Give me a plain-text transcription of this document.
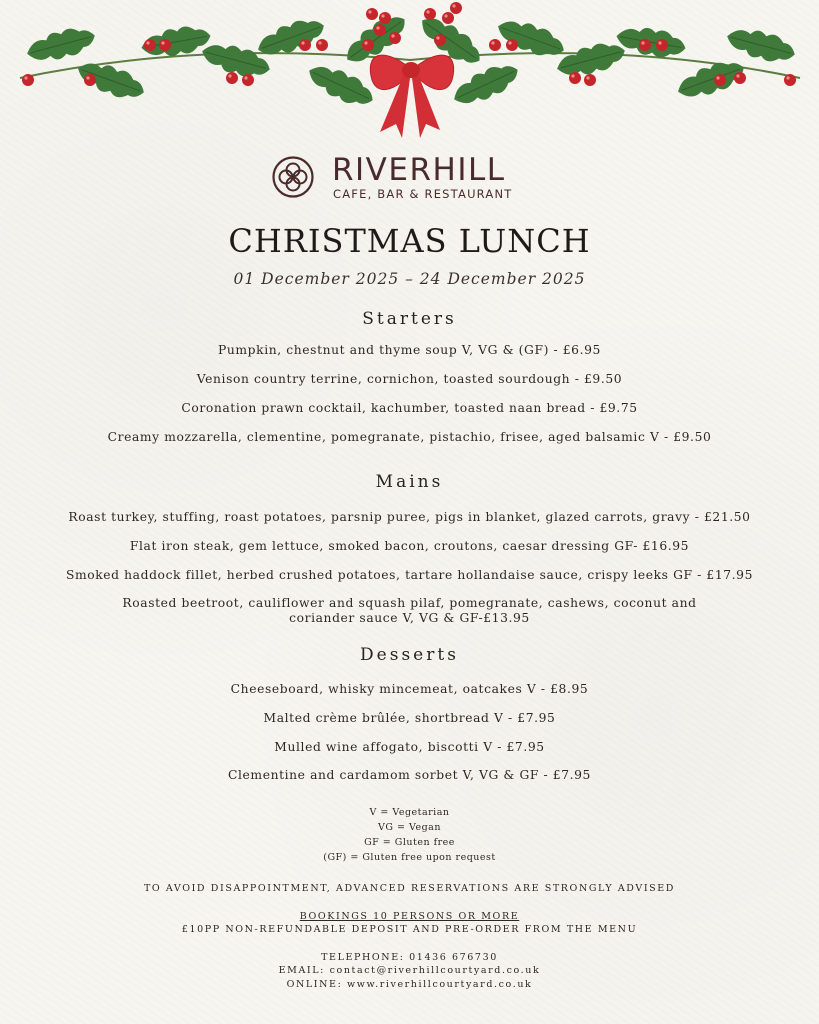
RIVERHILL
CAFE, BAR & RESTAURANT
CHRISTMAS LUNCH
01 December 2025 – 24 December 2025
Starters
Pumpkin, chestnut and thyme soup V, VG & (GF) - £6.95
Venison country terrine, cornichon, toasted sourdough - £9.50
Coronation prawn cocktail, kachumber, toasted naan bread - £9.75
Creamy mozzarella, clementine, pomegranate, pistachio, frisee, aged balsamic V - £9.50
Mains
Roast turkey, stuffing, roast potatoes, parsnip puree, pigs in blanket, glazed carrots, gravy - £21.50
Flat iron steak, gem lettuce, smoked bacon, croutons, caesar dressing GF- £16.95
Smoked haddock fillet, herbed crushed potatoes, tartare hollandaise sauce, crispy leeks GF - £17.95
Roasted beetroot, cauliflower and squash pilaf, pomegranate, cashews, coconut and
coriander sauce V, VG & GF-£13.95
Desserts
Cheeseboard, whisky mincemeat, oatcakes V - £8.95
Malted crème brûlée, shortbread V - £7.95
Mulled wine affogato, biscotti V - £7.95
Clementine and cardamom sorbet V, VG & GF - £7.95
V = Vegetarian
VG = Vegan
GF = Gluten free
(GF) = Gluten free upon request
TO AVOID DISAPPOINTMENT, ADVANCED RESERVATIONS ARE STRONGLY ADVISED
BOOKINGS 10 PERSONS OR MORE
£10PP NON-REFUNDABLE DEPOSIT AND PRE-ORDER FROM THE MENU
TELEPHONE: 01436 676730
EMAIL: contact@riverhillcourtyard.co.uk
ONLINE: www.riverhillcourtyard.co.uk
